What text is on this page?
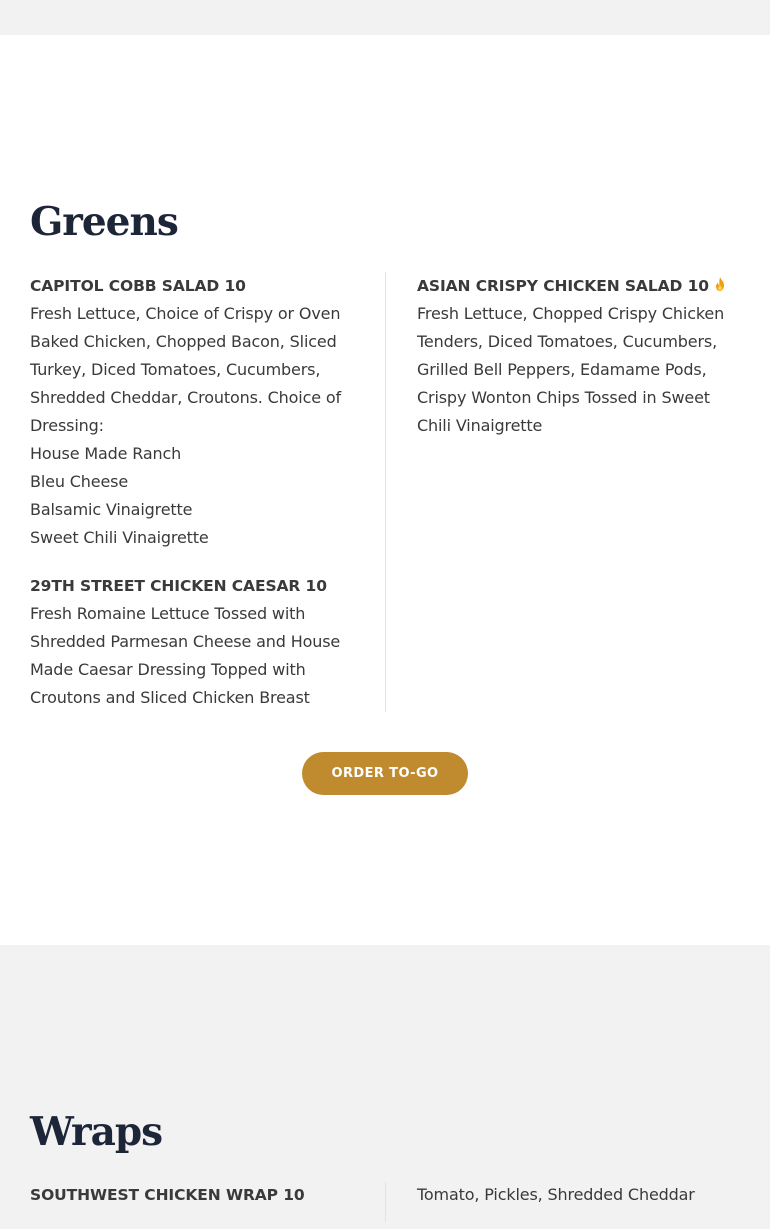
Greens
CAPITOL COBB SALAD 10
Fresh Lettuce, Choice of Crispy or Oven Baked Chicken, Chopped Bacon, Sliced Turkey, Diced Tomatoes, Cucumbers, Shredded Cheddar, Croutons. Choice of Dressing:
House Made Ranch
Bleu Cheese
Balsamic Vinaigrette
Sweet Chili Vinaigrette
29TH STREET CHICKEN CAESAR 10
Fresh Romaine Lettuce Tossed with Shredded Parmesan Cheese and House Made Caesar Dressing Topped with Croutons and Sliced Chicken Breast
ASIAN CRISPY CHICKEN SALAD 10
Fresh Lettuce, Chopped Crispy Chicken Tenders, Diced Tomatoes, Cucumbers, Grilled Bell Peppers, Edamame Pods, Crispy Wonton Chips Tossed in Sweet Chili Vinaigrette
ORDER TO-GO
Wraps
SOUTHWEST CHICKEN WRAP 10	Tomato, Pickles, Shredded Cheddar
